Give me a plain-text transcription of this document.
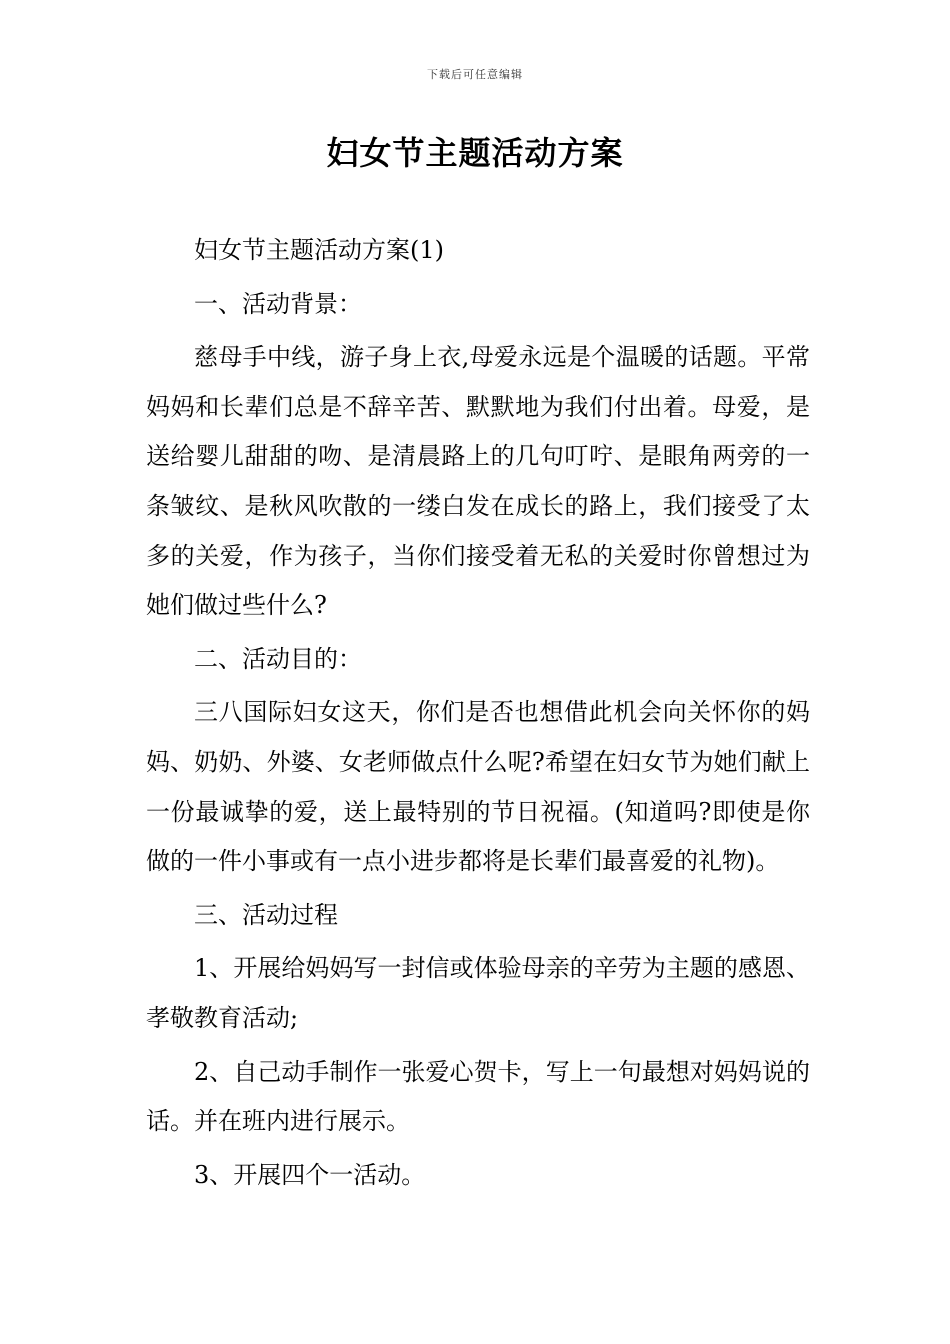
下载后可任意编辑
妇女节主题活动方案

妇女节主题活动方案(1)

一、活动背景：

慈母手中线，游子身上衣,母爱永远是个温暖的话题。平常妈妈和长辈们总是不辞辛苦、默默地为我们付出着。母爱，是送给婴儿甜甜的吻、是清晨路上的几句叮咛、是眼角两旁的一条皱纹、是秋风吹散的一缕白发在成长的路上，我们接受了太多的关爱，作为孩子，当你们接受着无私的关爱时你曾想过为她们做过些什么?

二、活动目的：

三八国际妇女这天，你们是否也想借此机会向关怀你的妈妈、奶奶、外婆、女老师做点什么呢?希望在妇女节为她们献上一份最诚挚的爱，送上最特别的节日祝福。(知道吗?即使是你做的一件小事或有一点小进步都将是长辈们最喜爱的礼物)。

三、活动过程

1、开展给妈妈写一封信或体验母亲的辛劳为主题的感恩、孝敬教育活动;

2、自己动手制作一张爱心贺卡，写上一句最想对妈妈说的话。并在班内进行展示。

3、开展四个一活动。
